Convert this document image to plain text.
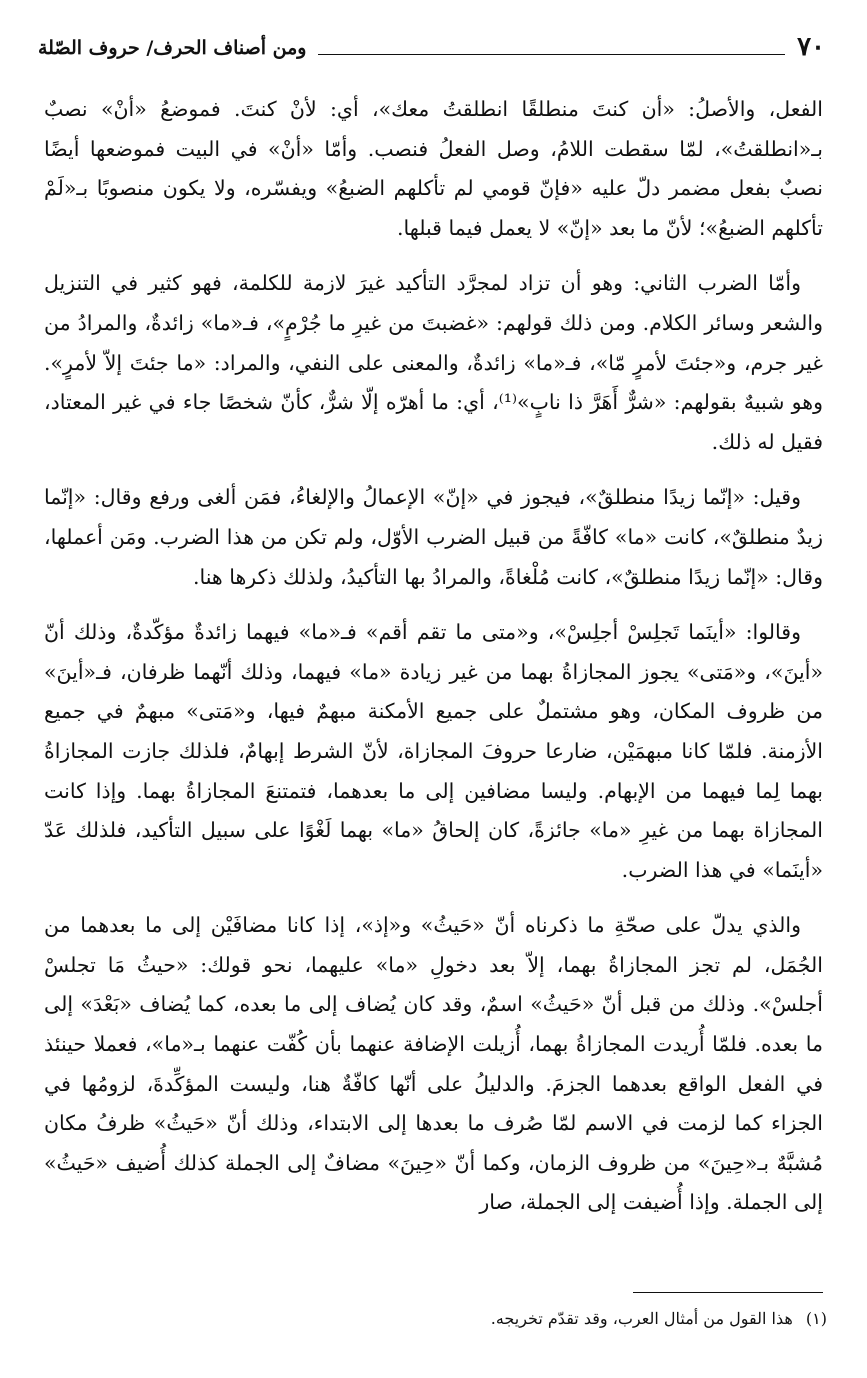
٧٠
ومن أصناف الحرف/ حروف الصّلة

الفعل، والأصلُ: «أن كنتَ منطلقًا انطلقتُ معك»، أي: لأنْ كنتَ. فموضعُ «أنْ» نصبٌ بـ«انطلقتُ»، لمّا سقطت اللامُ، وصل الفعلُ فنصب. وأمّا «أنْ» في البيت فموضعها أيضًا نصبٌ بفعل مضمر دلّ عليه «فإنّ قومي لم تأكلهم الضبعُ» ويفسّره، ولا يكون منصوبًا بـ«لَمْ تأكلهم الضبعُ»؛ لأنّ ما بعد «إنّ» لا يعمل فيما قبلها.

وأمّا الضرب الثاني: وهو أن تزاد لمجرَّد التأكيد غيرَ لازمة للكلمة، فهو كثير في التنزيل والشعر وسائر الكلام. ومن ذلك قولهم: «غضبتَ من غيرِ ما جُرْمٍ»، فـ«ما» زائدةٌ، والمرادُ من غير جرم، و«جئتَ لأمرٍ مّا»، فـ«ما» زائدةٌ، والمعنى على النفي، والمراد: «ما جئتَ إلاّ لأمرٍ». وهو شبيهٌ بقولهم: «شرٌّ أَهَرَّ ذا نابٍ»⁽¹⁾، أي: ما أهرّه إلّا شرٌّ، كأنّ شخصًا جاء في غير المعتاد، فقيل له ذلك.

وقيل: «إنّما زيدًا منطلقٌ»، فيجوز في «إنّ» الإعمالُ والإلغاءُ، فمَن ألغى ورفع وقال: «إنّما زيدٌ منطلقٌ»، كانت «ما» كافّةً من قبيل الضرب الأوّل، ولم تكن من هذا الضرب. ومَن أعملها، وقال: «إنّما زيدًا منطلقٌ»، كانت مُلْغاةً، والمرادُ بها التأكيدُ، ولذلك ذكرها هنا.

وقالوا: «أينَما تَجلِسْ أجلِسْ»، و«متى ما تقم أقم» فـ«ما» فيهما زائدةٌ مؤكّدةٌ، وذلك أنّ «أينَ»، و«مَتى» يجوز المجازاةُ بهما من غير زيادة «ما» فيهما، وذلك أنّهما ظرفان، فـ«أينَ» من ظروف المكان، وهو مشتملٌ على جميع الأمكنة مبهمٌ فيها، و«مَتى» مبهمٌ في جميع الأزمنة. فلمّا كانا مبهمَيْن، ضارعا حروفَ المجازاة، لأنّ الشرط إبهامٌ، فلذلك جازت المجازاةُ بهما لِما فيهما من الإبهام. وليسا مضافين إلى ما بعدهما، فتمتنعَ المجازاةُ بهما. وإذا كانت المجازاة بهما من غيرِ «ما» جائزةً، كان إلحاقُ «ما» بهما لَغْوًا على سبيل التأكيد، فلذلك عَدّ «أينَما» في هذا الضرب.

والذي يدلّ على صحّةِ ما ذكرناه أنّ «حَيثُ» و«إذ»، إذا كانا مضافَيْن إلى ما بعدهما من الجُمَل، لم تجز المجازاةُ بهما، إلاّ بعد دخولِ «ما» عليهما، نحو قولك: «حيثُ مَا تجلسْ أجلسْ». وذلك من قبل أنّ «حَيثُ» اسمٌ، وقد كان يُضاف إلى ما بعده، كما يُضاف «بَعْدَ» إلى ما بعده. فلمّا أُريدت المجازاةُ بهما، أُزيلت الإضافة عنهما بأن كُفّت عنهما بـ«ما»، فعملا حينئذ في الفعل الواقع بعدهما الجزمَ. والدليلُ على أنّها كافّةٌ هنا، وليست المؤكِّدةَ، لزومُها في الجزاء كما لزمت في الاسم لمّا صُرف ما بعدها إلى الابتداء، وذلك أنّ «حَيثُ» ظرفُ مكان مُشبَّهٌ بـ«حِينَ» من ظروف الزمان، وكما أنّ «حِينَ» مضافٌ إلى الجملة كذلك أُضيف «حَيثُ» إلى الجملة. وإذا أُضيفت إلى الجملة، صار

(١) هذا القول من أمثال العرب، وقد تقدّم تخريجه.
